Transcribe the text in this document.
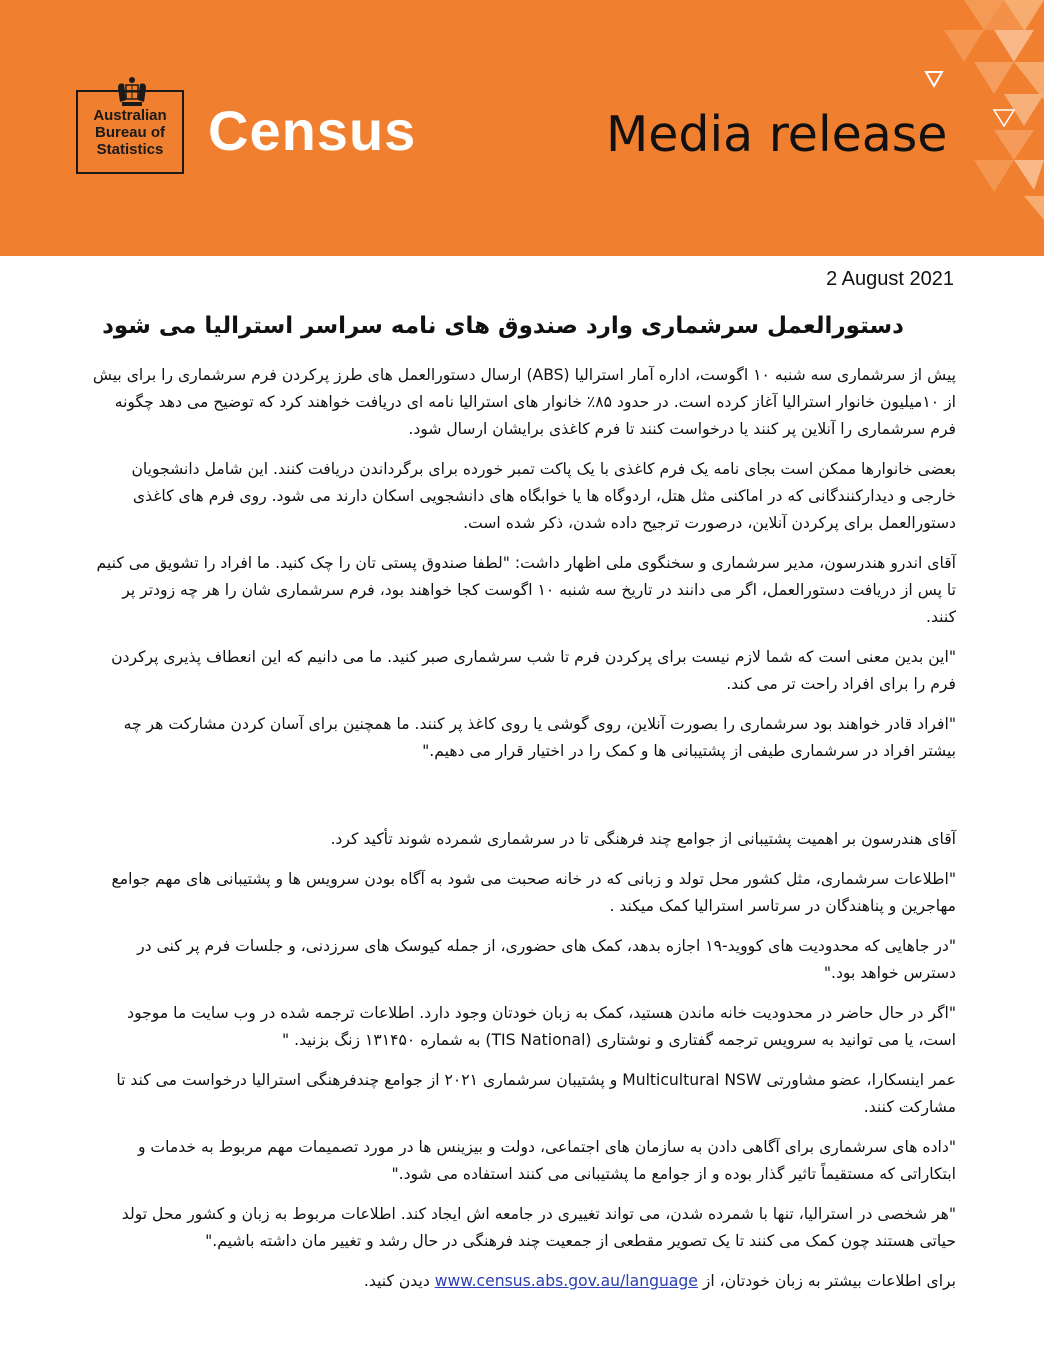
Australian
Bureau of
Statistics Census	Media release
2 August 2021
دستورالعمل سرشماری وارد صندوق های نامه سراسر استرالیا می شود

پیش از سرشماری سه شنبه ۱۰ اگوست، اداره آمار استرالیا (ABS) ارسال دستورالعمل های طرز پرکردن فرم سرشماری را برای بیش از ۱۰میلیون خانوار استرالیا آغاز کرده است. در حدود ۸۵٪ خانوار های استرالیا نامه ای دریافت خواهند کرد که توضیح می دهد چگونه فرم سرشماری را آنلاین پر کنند یا درخواست کنند تا فرم کاغذی برایشان ارسال شود.

بعضی خانوارها ممکن است بجای نامه یک فرم کاغذی با یک پاکت تمبر خورده برای برگرداندن دریافت کنند. این شامل دانشجویان خارجی و دیدارکنندگانی که در اماکنی مثل هتل، اردوگاه ها یا خوابگاه های دانشجویی اسکان دارند می شود. روی فرم های کاغذی دستورالعمل برای پرکردن آنلاین، درصورت ترجیح داده شدن، ذکر شده است.

آقای اندرو هندرسون، مدیر سرشماری و سخنگوی ملی اظهار داشت: "لطفا صندوق پستی تان را چک کنید. ما افراد را تشویق می کنیم تا پس از دریافت دستورالعمل، اگر می دانند در تاریخ سه شنبه ۱۰ اگوست کجا خواهند بود، فرم سرشماری شان را هر چه زودتر پر کنند.

"این بدین معنی است که شما لازم نیست برای پرکردن فرم تا شب سرشماری صبر کنید. ما می دانیم که این انعطاف پذیری پرکردن فرم را برای افراد راحت تر می کند.

"افراد قادر خواهند بود سرشماری را بصورت آنلاین، روی گوشی یا روی کاغذ پر کنند. ما همچنین برای آسان کردن مشارکت هر چه بیشتر افراد در سرشماری طیفی از پشتیبانی ها و کمک را در اختیار قرار می دهیم."

آقای هندرسون بر اهمیت پشتیبانی از جوامع چند فرهنگی تا در سرشماری شمرده شوند تأکید کرد.

"اطلاعات سرشماری، مثل کشور محل تولد و زبانی که در خانه صحبت می شود به آگاه بودن سرویس ها و پشتیبانی های مهم جوامع مهاجرین و پناهندگان در سرتاسر استرالیا کمک میکند .

"در جاهایی که محدودیت های کووید-۱۹ اجازه بدهد، کمک های حضوری، از جمله کیوسک های سرزدنی، و جلسات فرم پر کنی در دسترس خواهد بود."

"اگر در حال حاضر در محدودیت خانه ماندن هستید، کمک به زبان خودتان وجود دارد. اطلاعات ترجمه شده در وب سایت ما موجود است، یا می توانید به سرویس ترجمه گفتاری و نوشتاری (TIS National) به شماره ۱۳۱۴۵۰ زنگ بزنید. "

عمر اینسکارا، عضو مشاورتی Multicultural NSW و پشتیبان سرشماری ۲۰۲۱ از جوامع چندفرهنگی استرالیا درخواست می کند تا مشارکت کنند.

"داده های سرشماری برای آگاهی دادن به سازمان های اجتماعی، دولت و بیزینس ها در مورد تصمیمات مهم مربوط به خدمات و ابتکاراتی که مستقیماً تاثیر گذار بوده و از جوامع ما پشتیبانی می کنند استفاده می شود."

"هر شخصی در استرالیا، تنها با شمرده شدن، می تواند تغییری در جامعه اش ایجاد کند. اطلاعات مربوط به زبان و کشور محل تولد حیاتی هستند چون کمک می کنند تا یک تصویر مقطعی از جمعیت چند فرهنگی در حال رشد و تغییر مان داشته باشیم."

برای اطلاعات بیشتر به زبان خودتان، از www.census.abs.gov.au/language دیدن کنید.
